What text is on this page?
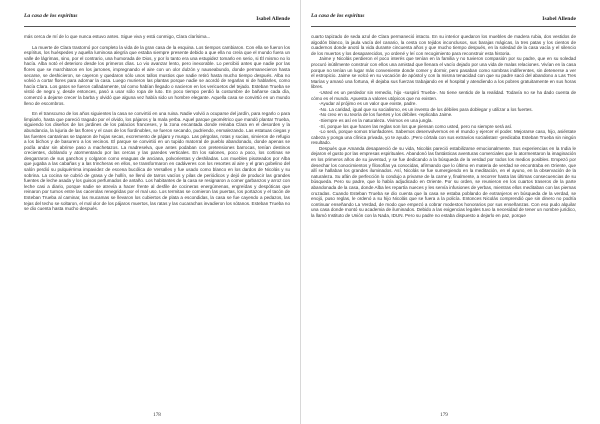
La casa de los espíritus	Isabel Allende

más cerca de mí de lo que nunca estuvo antes. Sigue viva y está conmigo, Clara clarísima...

La muerte de Clara trastornó por completo la vida de la gran casa de la esquina. Los tiempos cambiaron. Con ella se fueron los espíritus, los huéspedes y aquella luminosa alegría que estaba siempre presente debido a que ella no creía que el mundo fuera un valle de lágrimas, sino, por el contrario, una humorada de Dios, y por lo tanto era una estupidez tomarlo en serio, si Él mismo no lo hacía. Alba notó el deterioro desde los primeros días. Lo vio avanzar lento, pero inexorable. Lo percibió antes que nadie por las flores que se marchitaron en los jarrones, impregnando el aire con un olor dulzón y nauseabundo, donde permanecieron hasta secarse, se deshicieron, se cayeron y quedaron sólo unos tallos mustios que nadie retiró hasta mucho tiempo después. Alba no volvió a cortar flores para adornar la casa. Luego murieron las plantas porque nadie se acordó de regarlas ni de hablarles, como hacía Clara. Los gatos se fueron calladamente, tal como habían llegado o nacieron en los vericuetos del tejado. Esteban Trueba se vistió de negro y, desde entonces, pasó a usar sólo ropa de luto. En poco tiempo perdió la costumbre de bañarse cada día, comenzó a dejarse crecer la barba y olvidó que alguna vez había sido un hombre elegante. Aquella casa se convirtió en un mundo lleno de escombros.

En el transcurso de los años siguientes la casa se convirtió en una ruina. Nadie volvió a ocuparse del jardín, para regarlo o para limpiarlo, hasta que pareció tragado por el olvido, los pájaros y la mala yerba. Aquel parque geométrico que mandó plantar Trueba, siguiendo los diseños de los jardines de los palacios franceses, y la zona encantada donde reinaba Clara en el desorden y la abundancia, la lujuria de las flores y el caos de los fiordinobles, se fueron secando, pudriendo, enmalezando. Las estatuas ciegas y las fuentes cantarinas se taparon de hojas secas, excremento de pájaro y musgo. Las pérgolas, rotas y sucias, sirvieron de refugio a los bichos y de basurero a los vecinos. El parque se convirtió en un tupido matorral de pueblo abandonado, donde apenas se podía andar sin abrirse paso a machetazos. La madreselva, que antes podaban con pretensiones barrocas, tenían destinos crecientes, doblando y atormentando por las cercas y las paredes verticales. En los salones, poco a poco, los cortinas se desgarraron de sus ganchos y colgaron como enaguas de anciana, polvorientas y deshiladas. Los muebles pisoteados por Alba que jugaba a las cabañas y a las trincheras en ellos, se transformaron en cadáveres con los resortes al aire y el gran gobelino del salón perdió su pulquérrima impavidez de escena bucólica de Versalles y fue usado como blanco en los dardos de Nicolás y su sobrina. La cocina se cubrió de grasa y de hollín, se llenó de tarros vacíos y pilas de periódicos y dejó de producir las grandes fuentes de leche asada y los guisos perfumados de antaño. Los habitantes de la casa se resignaron a comer garbanzos y arroz con leche casi a diario, porque nadie se atrevía a hacer frente al desfile de cocineras energúmenas, engreídas y despóticas que reinaron por turnos entre las cacerolas renegridas por el mal uso. Los termitas se comieron las puertas, los portazos y el tacón de Esteban Trueba al caminar, las mucamas se llevaron los cubiertos de plata a escondidas, la casa se fue cayendo a pedazos, las tejas del techo se soltaron, el mal olor de los pájaros muertos, las ratas y las cucarachas invadieron los sótanos. Esteban Trueba no se dio cuenta hasta mucho después.

178
La casa de los espíritus	Isabel Allende

cuarto tapizado de seda azul de Clara permaneció intacto. En su interior quedaron los muebles de madera rubia, dos vestidos de algodón blanco, la jaula vacía del canario, la cesta con tejidos inconclusos, sus barajas mágicas, la tres patas y los cientos de cuadernos donde anotó la vida durante cincuenta años y que mucho tiempo después, en la soledad de la casa vacía y el silencio de los muertos y los desaparecidos, yo ordené y leí con recogimiento para reconstruir esta historia.

Jaime y Nicolás perdieron el poco interés que tenían en la familia y no tuvieron compasión por su padre, que en su soledad procuró inútilmente construir con ellos una amistad que llenara el vacío dejado por una vida de malas relaciones. Vivían en la casa porque no tenían un lugar más conveniente donde comer y dormir, pero pasaban como sombras indiferentes, sin detenerse a ver el estropicio. Jaime se volcó en su vocación de apóstol y con la misma tenacidad con que su padre sacó del abandono a Las Tres Marías y amasó una fortuna, él dejaba sus fuerzas trabajando en el hospital y atendiendo a los pobres gratuitamente en sus horas libres.

-Usted es un perdedor sin remedio, hijo -suspiró Trueba-. No tiene sentido de la realidad. Todavía no se ha dado cuenta de cómo es el mundo. Apuesta a valores utópicos que no existen.

-Ayudar al prójimo es un valor que existe, padre.

-No. La caridad, igual que su socialismo, es un invento de los débiles para doblegar y utilizar a los fuertes.

-No creo en su teoría de los fuertes y los débiles -replicaba Jaime.

-Siempre es así en la naturaleza. Vivimos en una jungla.

-Sí, porque los que hacen las reglas son los que piensan como usted, pero no siempre será así.

-Lo será, porque somos triunfadores. Sabemos desenvolvernos en el mundo y ejercer el poder. Mejorarse caso, hijo, asiéntate cabeza y ponga una clínica privada, yo te ayudo. ¡Pero córtala con sus extravíos socialistas! -predicaba Esteban Trueba sin ningún resultado.

Después que Amanda desapareció de su vida, Nicolás pareció estabilizarse emocionalmente. Sus experiencias en la India le dejaron el gusto por las empresas espirituales. Abandonó las fantásticas aventuras comerciales que lo atormentaron la imaginación en los primeros años de su juventud, y se fue dedicando a la búsqueda de la verdad por todos los medios posibles. Empezó por desechar los conocimientos y filosofías ya conocidas, afirmando que lo último en materia de verdad se encontraba en Oriente, que allí se hallaban los grandes iluminados. Así, Nicolás se fue sumergiendo en la meditación, en el ayuno, en la observación de la naturaleza. Su afán de perfección lo condujo a privarse de la carne y, finalmente, a recorrer hasta las últimas consecuencias de su búsqueda. Pero su padre, que lo había adjudicado en Oriente. Por su orden, se reunieron en los cuartos traseros de la parte abandonada de la casa, donde Alba les repartía nueces y les servía infusiones de yerbas, mientras ellos meditaban con las piernas cruzadas. Cuando Esteban Trueba se dio cuenta que la casa se estaba poblando de extranjeros en búsqueda de la verdad, se enojó, puso reglas, le ordenó a su hijo Nicolás que se fuera a la policía. Entonces Nicolás comprendió que sin dinero no podría continuar enseñando La Verdad, de modo que empezó a cobrar modestos honorarios por sus enseñanzas. Con eso pudo alquilar una casa donde montó su academia de iluminados. Debido a las exigencias legales tuvo la necesidad de tener un nombre jurídico, la llamó Instituto de Unión con la Nada, IDUN. Pero su padre no estaba dispuesto a dejarlo en paz, porque

179
